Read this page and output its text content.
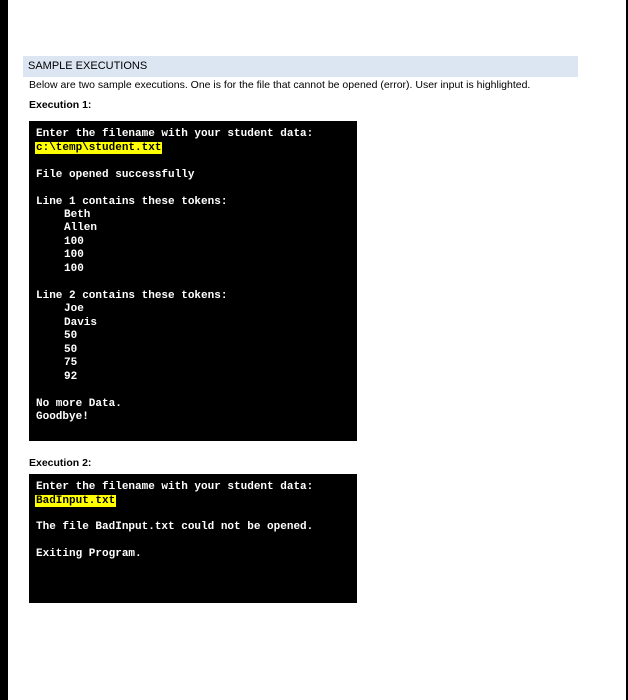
SAMPLE EXECUTIONS
Below are two sample executions. One is for the file that cannot be opened (error). User input is highlighted.
Execution 1:
Enter the filename with your student data:
c:\temp\student.txt
File opened successfully
Line 1 contains these tokens:
Beth
Allen
100
100
100
Line 2 contains these tokens:
Joe
Davis
50
50
75
92
No more Data.
Goodbye!
Execution 2:
Enter the filename with your student data:
BadInput.txt
The file BadInput.txt could not be opened.
Exiting Program.
